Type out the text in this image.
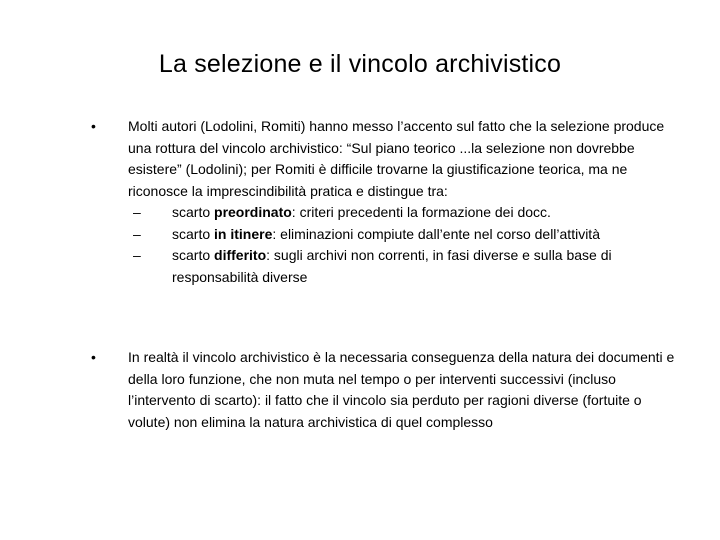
La selezione e il vincolo archivistico
• Molti autori (Lodolini, Romiti) hanno messo l’accento sul fatto che la selezione produce una rottura del vincolo archivistico: “Sul piano teorico ...la selezione non dovrebbe esistere” (Lodolini); per Romiti è difficile trovarne la giustificazione teorica, ma ne riconosce la imprescindibilità pratica e distingue tra:

– scarto preordinato: criteri precedenti la formazione dei docc.

– scarto in itinere: eliminazioni compiute dall’ente nel corso dell’attività

– scarto differito: sugli archivi non correnti, in fasi diverse e sulla base di responsabilità diverse

• In realtà il vincolo archivistico è la necessaria conseguenza della natura dei documenti e della loro funzione, che non muta nel tempo o per interventi successivi (incluso l’intervento di scarto): il fatto che il vincolo sia perduto per ragioni diverse (fortuite o volute) non elimina la natura archivistica di quel complesso
